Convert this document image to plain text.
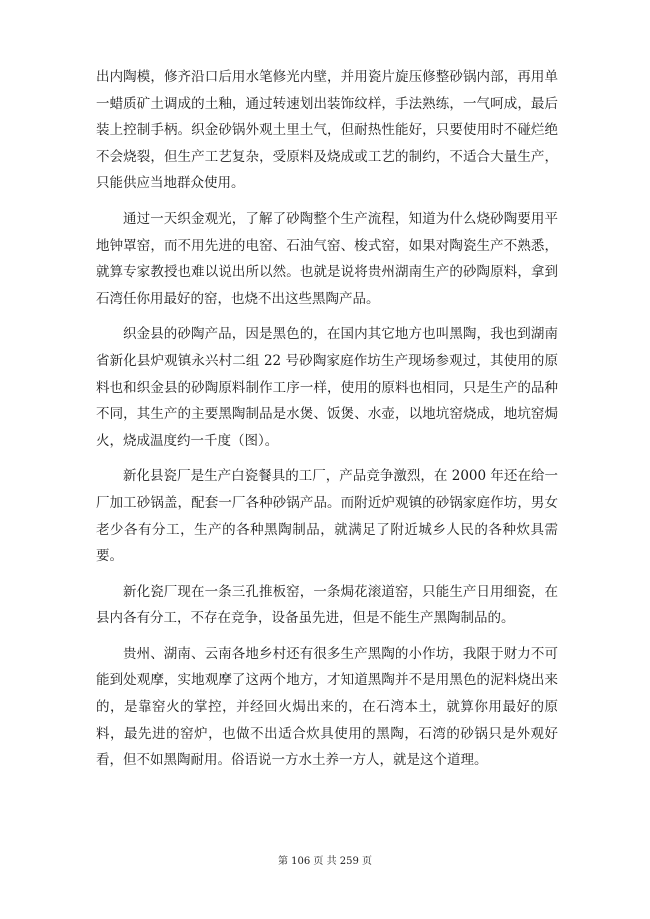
出内陶模，修齐沿口后用水笔修光内壁，并用瓷片旋压修整砂锅内部，再用单一蜡质矿土调成的土釉，通过转速划出装饰纹样，手法熟练，一气呵成，最后装上控制手柄。织金砂锅外观土里土气，但耐热性能好，只要使用时不碰烂绝不会烧裂，但生产工艺复杂，受原料及烧成或工艺的制约，不适合大量生产，只能供应当地群众使用。

通过一天织金观光，了解了砂陶整个生产流程，知道为什么烧砂陶要用平地钟罩窑，而不用先进的电窑、石油气窑、梭式窑，如果对陶瓷生产不熟悉，就算专家教授也难以说出所以然。也就是说将贵州湖南生产的砂陶原料，拿到石湾任你用最好的窑，也烧不出这些黑陶产品。

织金县的砂陶产品，因是黑色的，在国内其它地方也叫黑陶，我也到湖南省新化县炉观镇永兴村二组 22 号砂陶家庭作坊生产现场参观过，其使用的原料也和织金县的砂陶原料制作工序一样，使用的原料也相同，只是生产的品种不同，其生产的主要黑陶制品是水煲、饭煲、水壶，以地坑窑烧成，地坑窑焗火，烧成温度约一千度（图）。

新化县瓷厂是生产白瓷餐具的工厂，产品竞争激烈，在 2000 年还在给一厂加工砂锅盖，配套一厂各种砂锅产品。而附近炉观镇的砂锅家庭作坊，男女老少各有分工，生产的各种黑陶制品，就满足了附近城乡人民的各种炊具需要。

新化瓷厂现在一条三孔推板窑，一条焗花滚道窑，只能生产日用细瓷，在县内各有分工，不存在竞争，设备虽先进，但是不能生产黑陶制品的。

贵州、湖南、云南各地乡村还有很多生产黑陶的小作坊，我限于财力不可能到处观摩，实地观摩了这两个地方，才知道黑陶并不是用黑色的泥料烧出来的，是靠窑火的掌控，并经回火焗出来的，在石湾本土，就算你用最好的原料，最先进的窑炉，也做不出适合炊具使用的黑陶，石湾的砂锅只是外观好看，但不如黑陶耐用。俗语说一方水土养一方人，就是这个道理。

第 106 页 共 259 页
